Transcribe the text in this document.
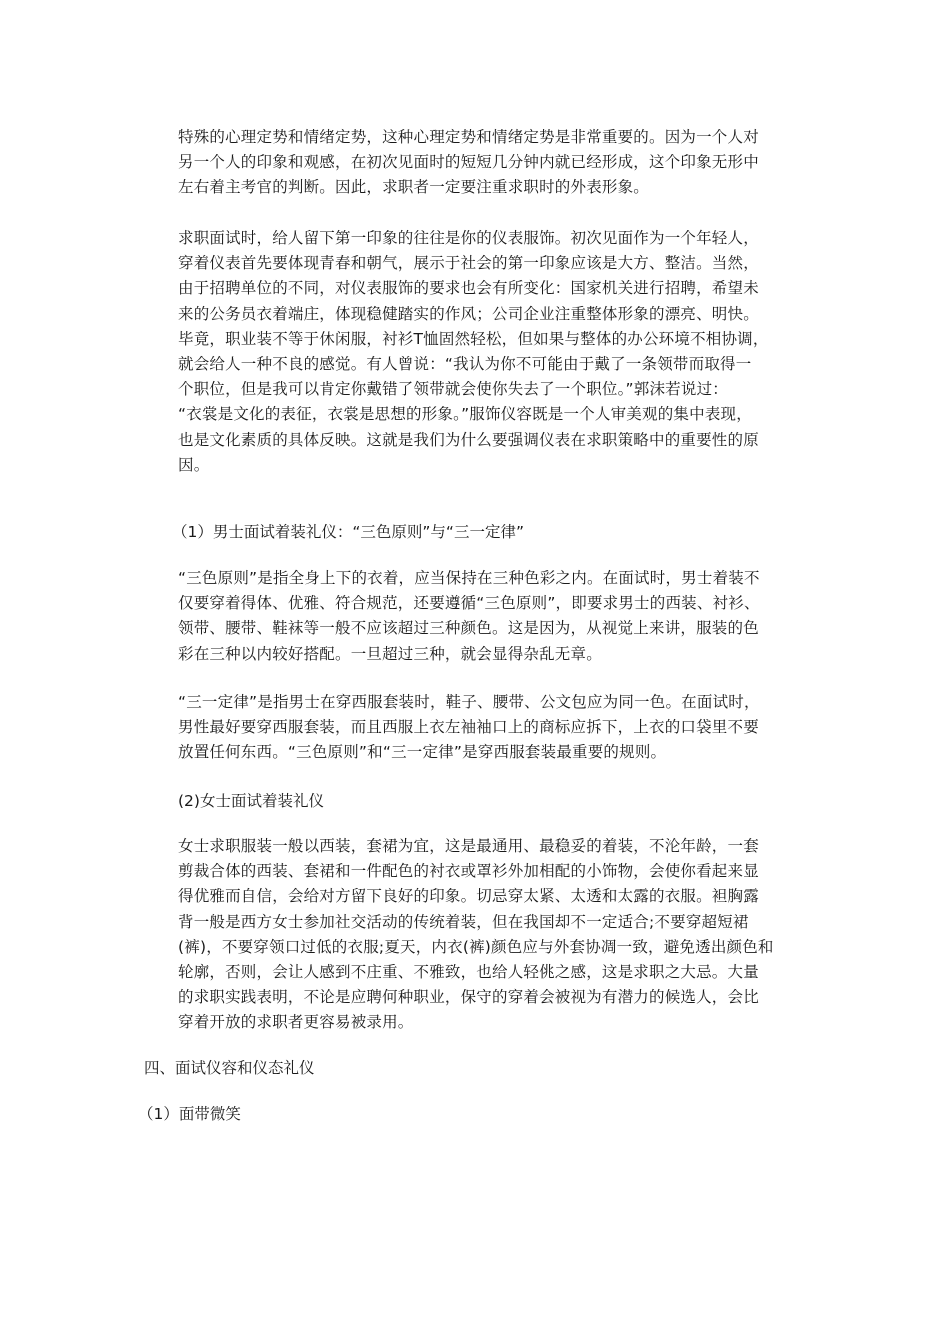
特殊的心理定势和情绪定势，这种心理定势和情绪定势是非常重要的。因为一个人对
另一个人的印象和观感，在初次见面时的短短几分钟内就已经形成，这个印象无形中
左右着主考官的判断。因此，求职者一定要注重求职时的外表形象。
求职面试时，给人留下第一印象的往往是你的仪表服饰。初次见面作为一个年轻人，
穿着仪表首先要体现青春和朝气，展示于社会的第一印象应该是大方、整洁。当然，
由于招聘单位的不同，对仪表服饰的要求也会有所变化：国家机关进行招聘，希望未
来的公务员衣着端庄，体现稳健踏实的作风；公司企业注重整体形象的漂亮、明快。
毕竟，职业装不等于休闲服，衬衫T恤固然轻松，但如果与整体的办公环境不相协调，
就会给人一种不良的感觉。有人曾说：“我认为你不可能由于戴了一条领带而取得一
个职位，但是我可以肯定你戴错了领带就会使你失去了一个职位。”郭沫若说过：
“衣裳是文化的表征，衣裳是思想的形象。”服饰仪容既是一个人审美观的集中表现，
也是文化素质的具体反映。这就是我们为什么要强调仪表在求职策略中的重要性的原
因。

（1）男士面试着装礼仪：“三色原则”与“三一定律”

“三色原则”是指全身上下的衣着，应当保持在三种色彩之内。在面试时，男士着装不
仅要穿着得体、优雅、符合规范，还要遵循“三色原则”，即要求男士的西装、衬衫、
领带、腰带、鞋袜等一般不应该超过三种颜色。这是因为，从视觉上来讲，服装的色
彩在三种以内较好搭配。一旦超过三种，就会显得杂乱无章。
“三一定律”是指男士在穿西服套装时，鞋子、腰带、公文包应为同一色。在面试时，
男性最好要穿西服套装，而且西服上衣左袖袖口上的商标应拆下，上衣的口袋里不要
放置任何东西。“三色原则”和“三一定律”是穿西服套装最重要的规则。

(2)女士面试着装礼仪

女士求职服装一般以西装，套裙为宜，这是最通用、最稳妥的着装，不沦年龄，一套
剪裁合体的西装、套裙和一件配色的衬衣或罩衫外加相配的小饰物，会使你看起来显
得优雅而自信，会给对方留下良好的印象。切忌穿太紧、太透和太露的衣服。袒胸露
背一般是西方女士参加社交活动的传统着装，但在我国却不一定适合;不要穿超短裙
(裤)，不要穿领口过低的衣服;夏天，内衣(裤)颜色应与外套协凋一致，避免透出颜色和
轮廓，否则，会让人感到不庄重、不雅致，也给人轻佻之感，这是求职之大忌。大量
的求职实践表明，不论是应聘何种职业，保守的穿着会被视为有潜力的候选人，会比
穿着开放的求职者更容易被录用。

四、面试仪容和仪态礼仪

（1）面带微笑
